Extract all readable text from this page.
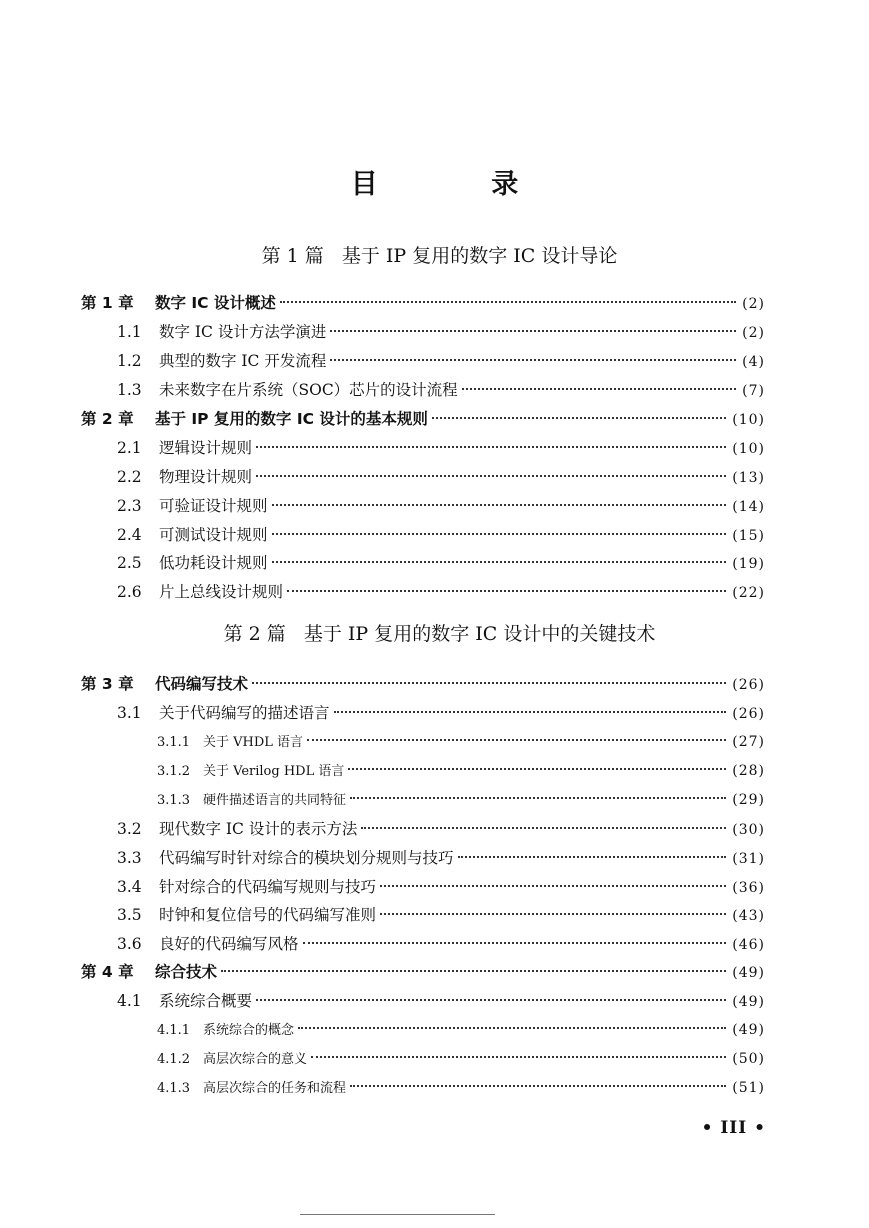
目 录
第 1 篇 基于 IP 复用的数字 IC 设计导论
第 1 章	数字 IC 设计概述	(2)
1.1	数字 IC 设计方法学演进	(2)
1.2	典型的数字 IC 开发流程	(4)
1.3	未来数字在片系统（SOC）芯片的设计流程	(7)
第 2 章	基于 IP 复用的数字 IC 设计的基本规则	(10)
2.1	逻辑设计规则	(10)
2.2	物理设计规则	(13)
2.3	可验证设计规则	(14)
2.4	可测试设计规则	(15)
2.5	低功耗设计规则	(19)
2.6	片上总线设计规则	(22)
第 2 篇 基于 IP 复用的数字 IC 设计中的关键技术
第 3 章	代码编写技术	(26)
3.1	关于代码编写的描述语言	(26)
3.1.1 关于 VHDL 语言	(27)
3.1.2 关于 Verilog HDL 语言	(28)
3.1.3 硬件描述语言的共同特征	(29)
3.2	现代数字 IC 设计的表示方法	(30)
3.3	代码编写时针对综合的模块划分规则与技巧	(31)
3.4	针对综合的代码编写规则与技巧	(36)
3.5	时钟和复位信号的代码编写准则	(43)
3.6	良好的代码编写风格	(46)
第 4 章	综合技术	(49)
4.1	系统综合概要	(49)
4.1.1 系统综合的概念	(49)
4.1.2 高层次综合的意义	(50)
4.1.3 高层次综合的任务和流程	(51)
• III •
